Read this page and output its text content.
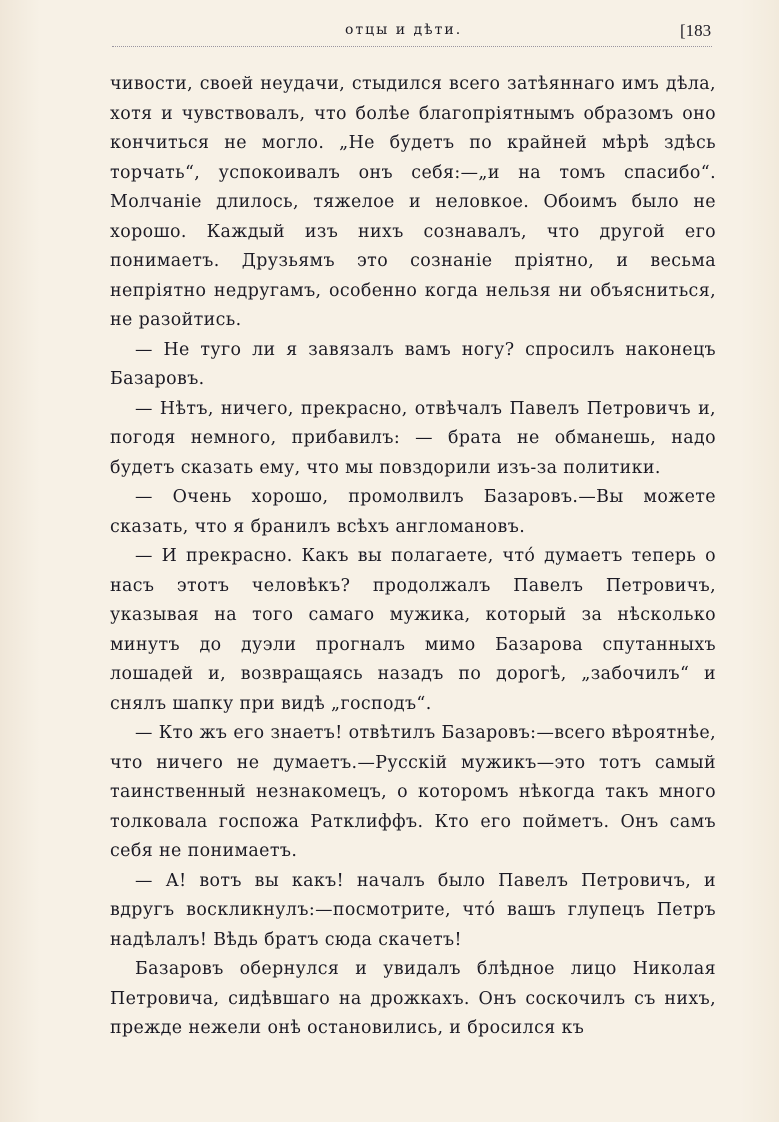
отцы и дѣти.	[183

чивости, своей неудачи, стыдился всего затѣяннаго имъ дѣла, хотя и чувствовалъ, что болѣе благопріятнымъ образомъ оно кончиться не могло. „Не будетъ по крайней мѣрѣ здѣсь торчать“, успокоивалъ онъ себя:—„и на томъ спасибо“. Молчаніе длилось, тяжелое и неловкое. Обоимъ было не хорошо. Каждый изъ нихъ сознавалъ, что другой его понимаетъ. Друзьямъ это сознаніе пріятно, и весьма непріятно недругамъ, особенно когда нельзя ни объясниться, не разойтись.

— Не туго ли я завязалъ вамъ ногу? спросилъ наконецъ Базаровъ.

— Нѣтъ, ничего, прекрасно, отвѣчалъ Павелъ Петровичъ и, погодя немного, прибавилъ: — брата не обманешь, надо будетъ сказать ему, что мы повздорили изъ-за политики.

— Очень хорошо, промолвилъ Базаровъ.—Вы можете сказать, что я бранилъ всѣхъ англомановъ.

— И прекрасно. Какъ вы полагаете, что́ думаетъ теперь о насъ этотъ человѣкъ? продолжалъ Павелъ Петровичъ, указывая на того самаго мужика, который за нѣсколько минутъ до дуэли прогналъ мимо Базарова спутанныхъ лошадей и, возвращаясь назадъ по дорогѣ, „забочилъ“ и снялъ шапку при видѣ „господъ“.

— Кто жъ его знаетъ! отвѣтилъ Базаровъ:—всего вѣроятнѣе, что ничего не думаетъ.—Русскій мужикъ—это тотъ самый таинственный незнакомецъ, о которомъ нѣкогда такъ много толковала госпожа Ратклиффъ. Кто его пойметъ. Онъ самъ себя не понимаетъ.

— А! вотъ вы какъ! началъ было Павелъ Петровичъ, и вдругъ воскликнулъ:—посмотрите, что́ вашъ глупецъ Петръ надѣлалъ! Вѣдь братъ сюда скачетъ!

Базаровъ обернулся и увидалъ блѣдное лицо Николая Петровича, сидѣвшаго на дрожкахъ. Онъ соскочилъ съ нихъ, прежде нежели онѣ остановились, и бросился къ
